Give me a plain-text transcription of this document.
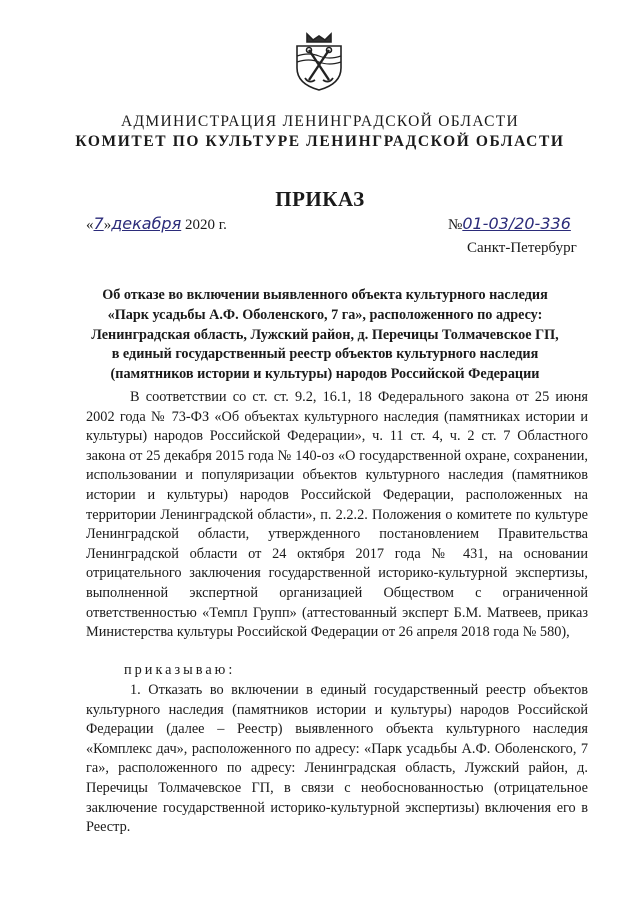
АДМИНИСТРАЦИЯ ЛЕНИНГРАДСКОЙ ОБЛАСТИ
КОМИТЕТ ПО КУЛЬТУРЕ ЛЕНИНГРАДСКОЙ ОБЛАСТИ
ПРИКАЗ
«7»декабря 2020 г.	№01-03/20-336
Санкт-Петербург
Об отказе во включении выявленного объекта культурного наследия «Парк усадьбы А.Ф. Оболенского, 7 га», расположенного по адресу: Ленинградская область, Лужский район, д. Перечицы Толмачевское ГП, в единый государственный реестр объектов культурного наследия (памятников истории и культуры) народов Российской Федерации

В соответствии со ст. ст. 9.2, 16.1, 18 Федерального закона от 25 июня 2002 года № 73-ФЗ «Об объектах культурного наследия (памятниках истории и культуры) народов Российской Федерации», ч. 11 ст. 4, ч. 2 ст. 7 Областного закона от 25 декабря 2015 года № 140-оз «О государственной охране, сохранении, использовании и популяризации объектов культурного наследия (памятников истории и культуры) народов Российской Федерации, расположенных на территории Ленинградской области», п. 2.2.2. Положения о комитете по культуре Ленинградской области, утвержденного постановлением Правительства Ленинградской области от 24 октября 2017 года № 431, на основании отрицательного заключения государственной историко-культурной экспертизы, выполненной экспертной организацией Обществом с ограниченной ответственностью «Темпл Групп» (аттестованный эксперт Б.М. Матвеев, приказ Министерства культуры Российской Федерации от 26 апреля 2018 года № 580),

приказываю:

1. Отказать во включении в единый государственный реестр объектов культурного наследия (памятников истории и культуры) народов Российской Федерации (далее – Реестр) выявленного объекта культурного наследия «Комплекс дач», расположенного по адресу: «Парк усадьбы А.Ф. Оболенского, 7 га», расположенного по адресу: Ленинградская область, Лужский район, д. Перечицы Толмачевское ГП, в связи с необоснованностью (отрицательное заключение государственной историко-культурной экспертизы) включения его в Реестр.
